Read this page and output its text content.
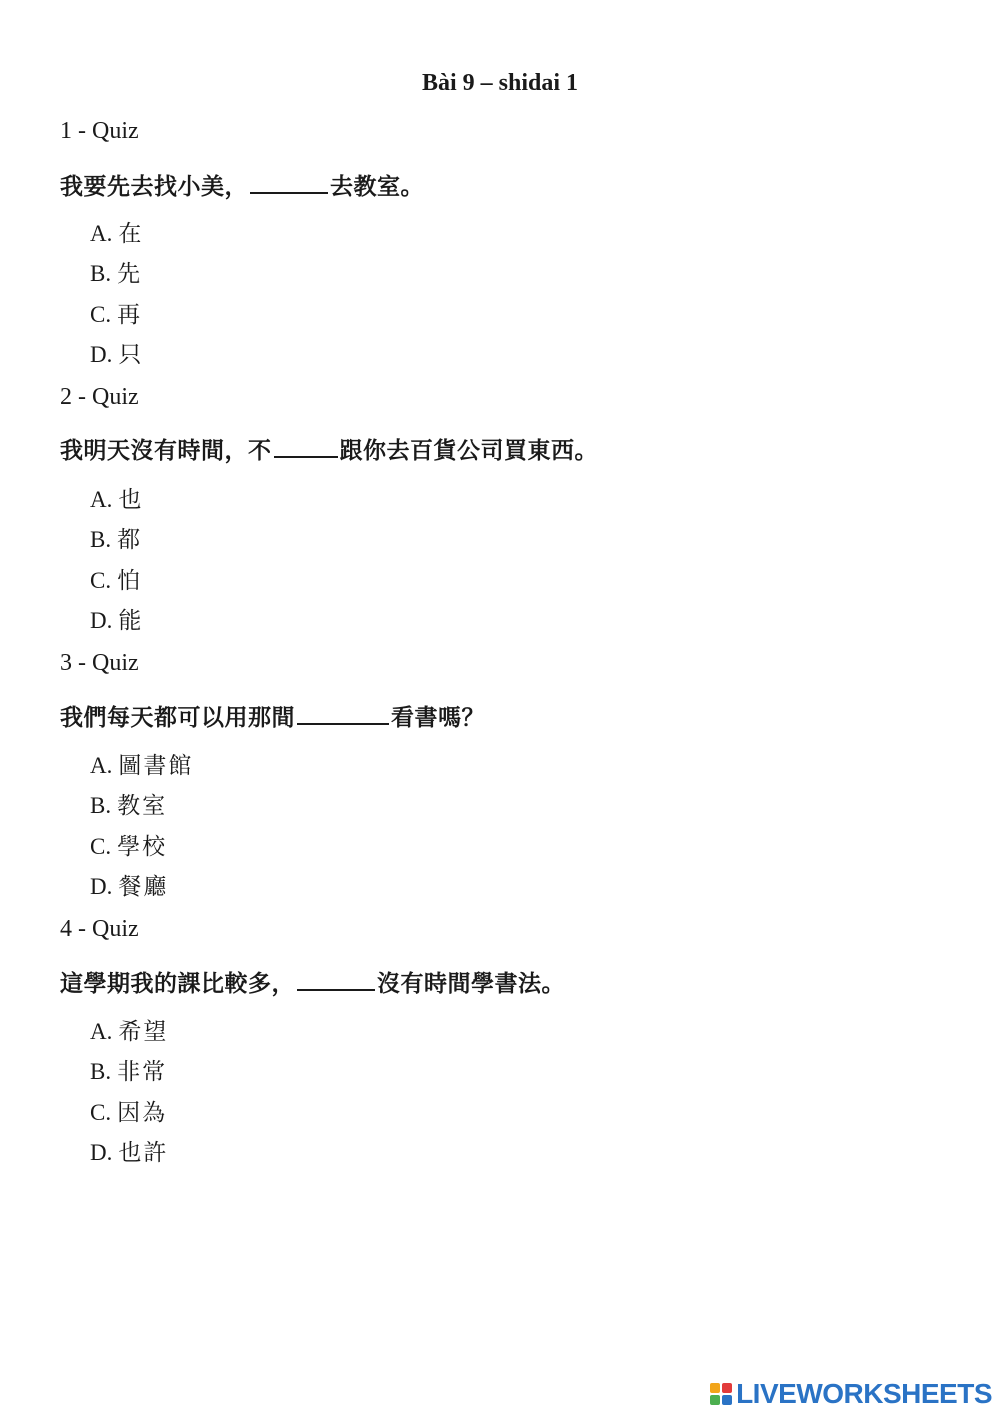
Bài 9 – shidai 1
1 - Quiz
我要先去找小美，	去教室。
A. 在
B. 先
C. 再
D. 只
2 - Quiz
我明天沒有時間，不	跟你去百貨公司買東西。
A. 也
B. 都
C. 怕
D. 能
3 - Quiz
我們每天都可以用那間	看書嗎？
A. 圖書館
B. 教室
C. 學校
D. 餐廳
4 - Quiz
這學期我的課比較多，	沒有時間學書法。
A. 希望
B. 非常
C. 因為
D. 也許
LIVEWORKSHEETS
